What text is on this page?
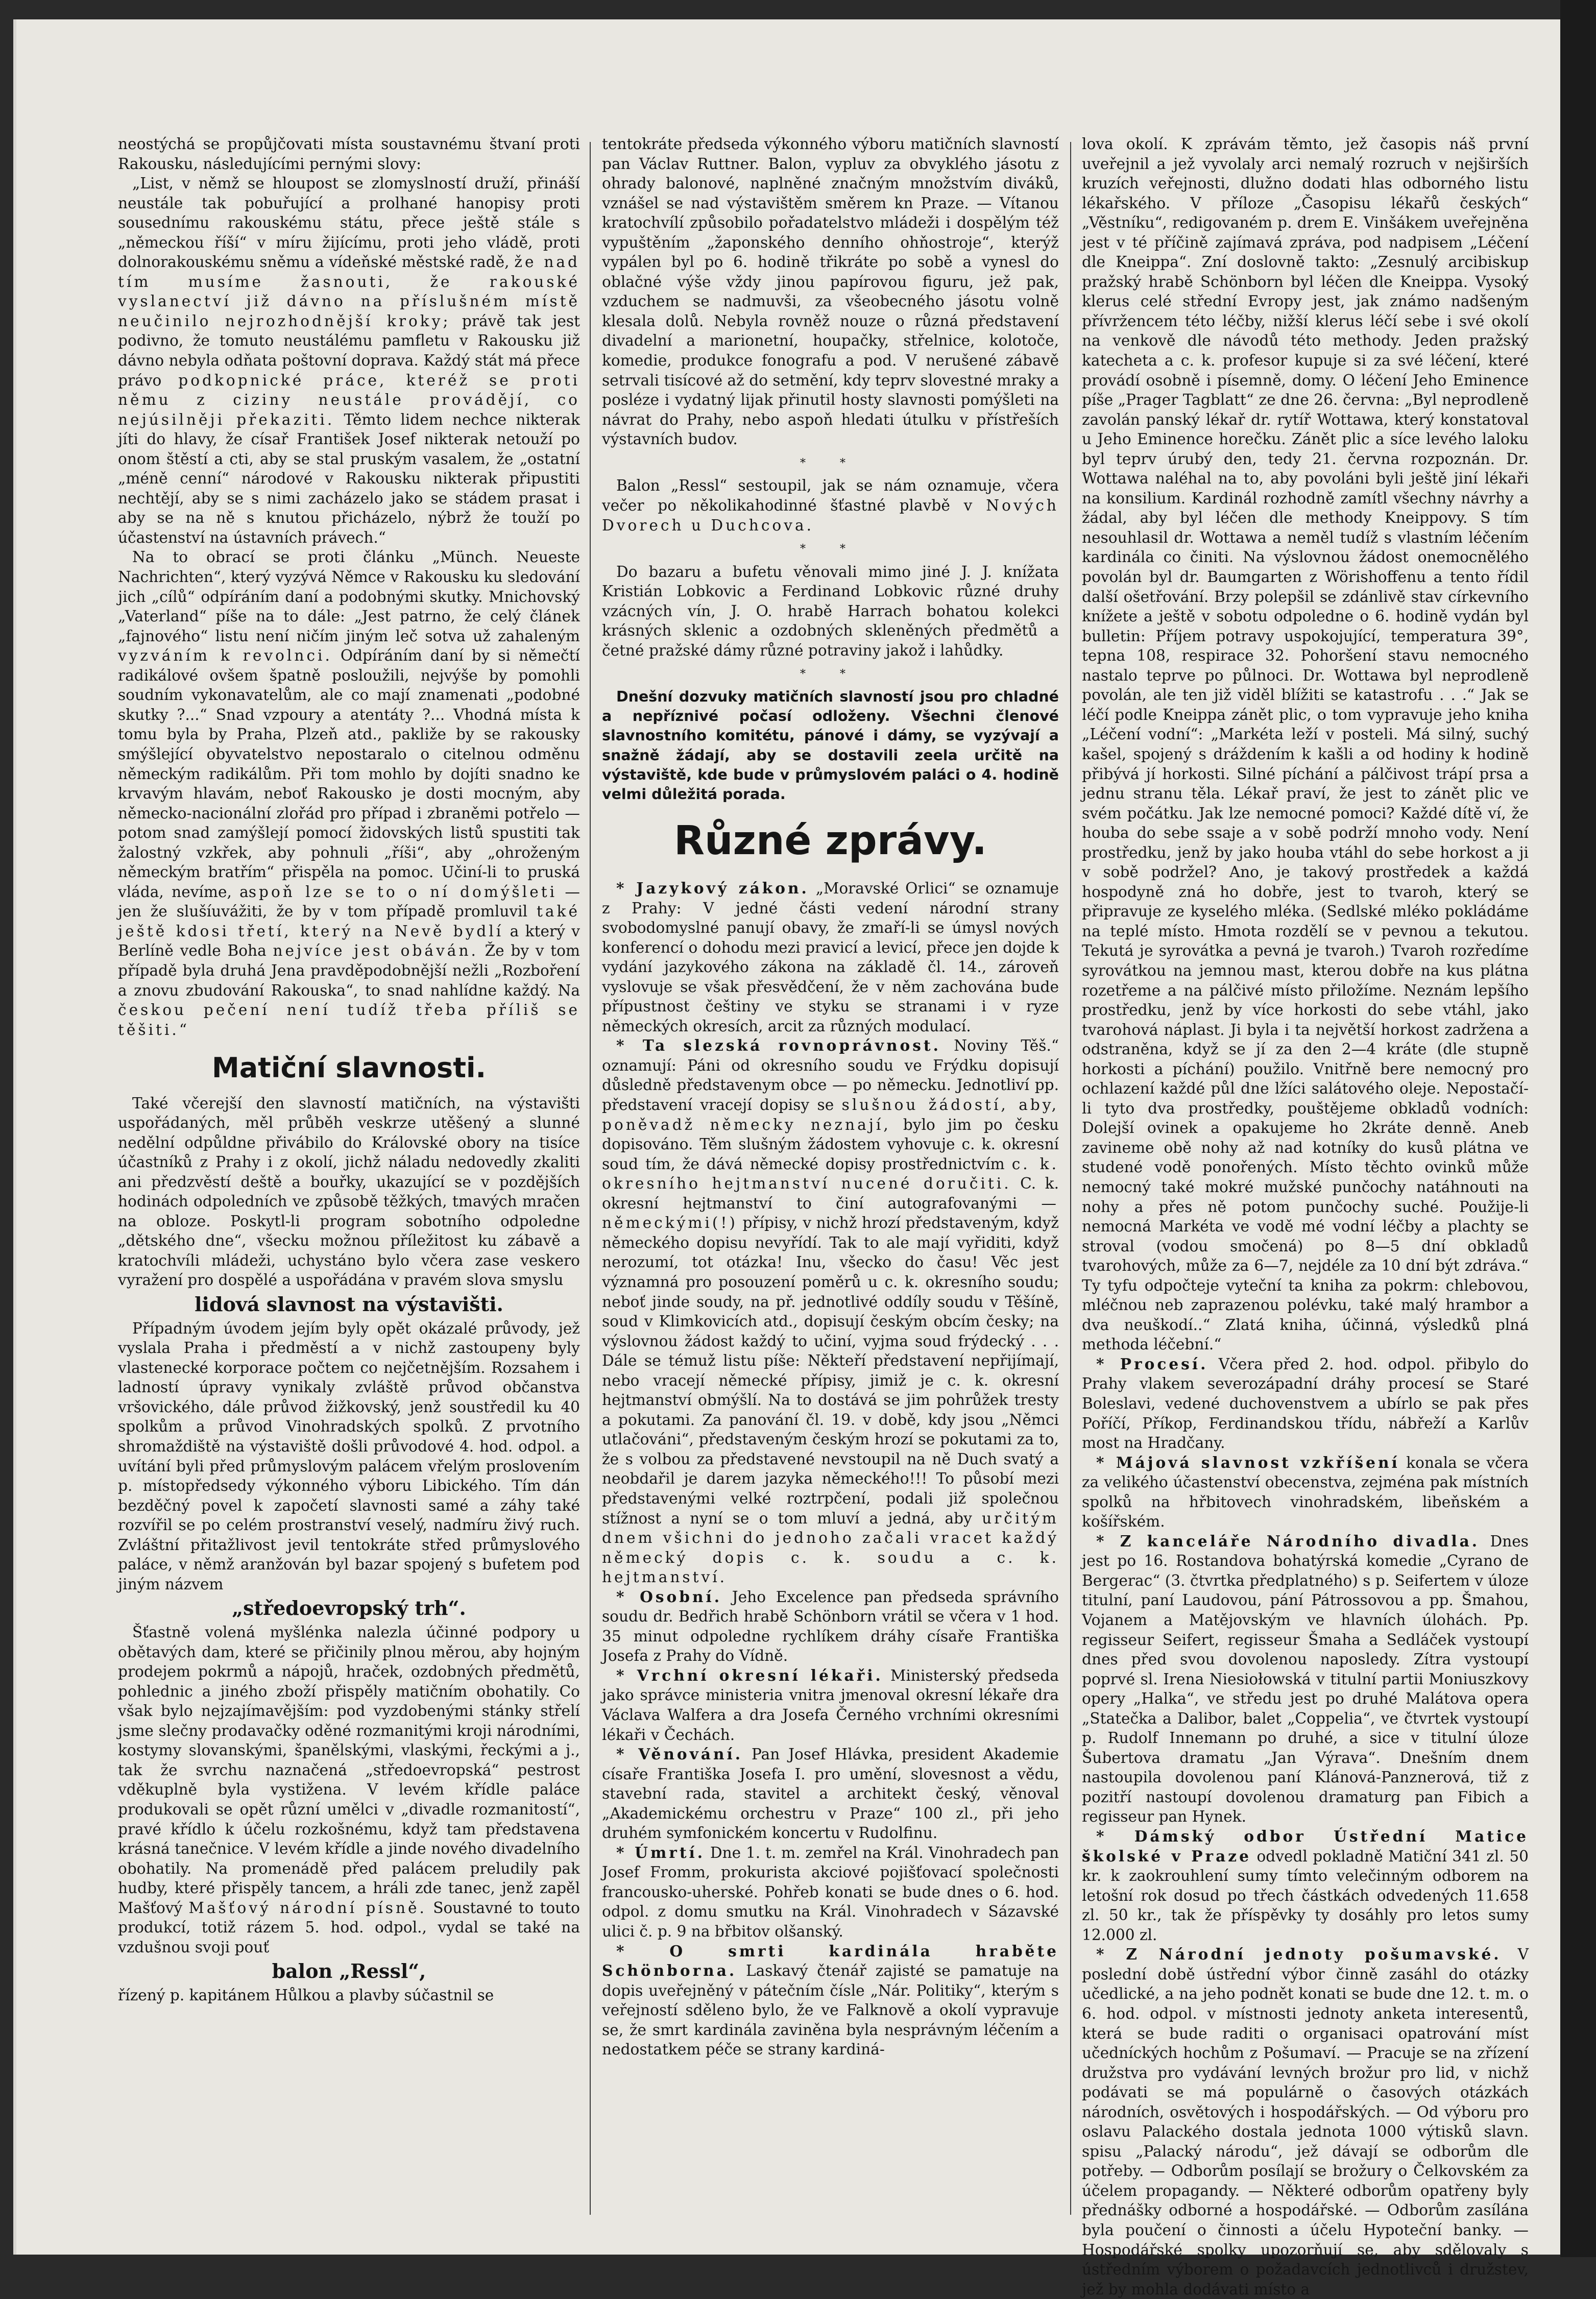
neostýchá se propůjčovati místa soustavnému štvaní proti Rakousku, následujícími pernými slovy:

„List, v němž se hloupost se zlomyslností druží, přináší neustále tak pobuřující a prolhané hanopisy proti sousednímu rakouskému státu, přece ještě stále s „německou říší“ v míru žijícímu, proti jeho vládě, proti dolnorakouskému sněmu a vídeňské městské radě, že nad tím musíme žasnouti, že rakouské vyslanectví již dávno na příslušném místě neučinilo nejrozhodnější kroky; právě tak jest podivno, že tomuto neustálému pamfletu v Rakousku již dávno nebyla odňata poštovní doprava. Každý stát má přece právo podkopnické práce, kteréž se proti němu z ciziny neustále provádějí, co nejúsilněji překaziti. Těmto lidem nechce nikterak jíti do hlavy, že císař František Josef nikterak netouží po onom štěstí a cti, aby se stal pruským vasalem, že „ostatní „méně cenní“ národové v Rakousku nikterak připustiti nechtějí, aby se s nimi zacházelo jako se stádem prasat i aby se na ně s knutou přicházelo, nýbrž že touží po účastenství na ústavních právech.“

Na to obrací se proti článku „Münch. Neueste Nachrichten“, který vyzývá Němce v Rakousku ku sledování jich „cílů“ odpíráním daní a podobnými skutky. Mnichovský „Vaterland“ píše na to dále: „Jest patrno, že celý článek „fajnového“ listu není ničím jiným leč sotva už zahaleným vyzváním k revolnci. Odpíráním daní by si němečtí radikálové ovšem špatně posloužili, nejvýše by pomohli soudním vykonavatelům, ale co mají znamenati „podobné skutky ?...“ Snad vzpoury a atentáty ?... Vhodná místa k tomu byla by Praha, Plzeň atd., pakliže by se rakousky smýšlející obyvatelstvo nepostaralo o citelnou odměnu německým radikálům. Při tom mohlo by dojíti snadno ke krvavým hlavám, neboť Rakousko je dosti mocným, aby německo-nacionální zlořád pro případ i zbraněmi potřelo — potom snad zamýšlejí pomocí židovských listů spustiti tak žalostný vzkřek, aby pohnuli „říši“, aby „ohroženým německým bratřím“ přispěla na pomoc. Učiní-li to pruská vláda, nevíme, aspoň lze se to o ní domýšleti — jen že slušíuvážiti, že by v tom případě promluvil také ještě kdosi třetí, který na Nevě bydlí a který v Berlíně vedle Boha nejvíce jest obáván. Že by v tom případě byla druhá Jena pravděpodobnější nežli „Rozboření a znovu zbudování Rakouska“, to snad nahlídne každý. Na českou pečení není tudíž třeba příliš se těšiti.“

Matiční slavnosti.

Také včerejší den slavností matičních, na výstavišti uspořádaných, měl průběh veskrze utěšený a slunné nedělní odpůldne přivábilo do Královské obory na tisíce účastníků z Prahy i z okolí, jichž náladu nedovedly zkaliti ani předzvěstí deště a bouřky, ukazující se v pozdějších hodinách odpoledních ve způsobě těžkých, tmavých mračen na obloze. Poskytl-li program sobotního odpoledne „dětského dne“, všecku možnou příležitost ku zábavě a kratochvíli mládeži, uchystáno bylo včera zase veskero vyražení pro dospělé a uspořádána v pravém slova smyslu

lidová slavnost na výstavišti.

Případným úvodem jejím byly opět okázalé průvody, jež vyslala Praha i předměstí a v nichž zastoupeny byly vlastenecké korporace počtem co nejčetnějším. Rozsahem i ladností úpravy vynikaly zvláště průvod občanstva vršovického, dále průvod žižkovský, jenž soustředil ku 40 spolkům a průvod Vinohradských spolků. Z prvotního shromaždiště na výstaviště došli průvodové 4. hod. odpol. a uvítání byli před průmyslovým palácem vřelým proslovením p. místopředsedy výkonného výboru Libického. Tím dán bezděčný povel k započetí slavnosti samé a záhy také rozvířil se po celém prostranství veselý, nadmíru živý ruch. Zvláštní přitažlivost jevil tentokráte střed průmyslového paláce, v němž aranžován byl bazar spojený s bufetem pod jiným názvem

„středoevropský trh“.

Šťastně volená myšlénka nalezla účinné podpory u obětavých dam, které se přičinily plnou měrou, aby hojným prodejem pokrmů a nápojů, hraček, ozdobných předmětů, pohlednic a jiného zboží přispěly matičním obohatily. Co však bylo nejzajímavějším: pod vyzdobenými stánky střelí jsme slečny prodavačky oděné rozmanitými kroji národními, kostymy slovanskými, španělskými, vlaskými, řeckými a j., tak že svrchu naznačená „středoevropská“ pestrost vděkuplně byla vystižena. V levém křídle paláce produkovali se opět různí umělci v „divadle rozmanitostí“, pravé křídlo k účelu rozkošnému, když tam představena krásná tanečnice. V levém křídle a jinde nového divadelního obohatily. Na promenádě před palácem preludily pak hudby, které přispěly tancem, a hráli zde tanec, jenž zapěl Mašťový Mašťový národní písně. Soustavné to touto produkcí, totiž rázem 5. hod. odpol., vydal se také na vzdušnou svoji pouť

balon „Ressl“,

řízený p. kapitánem Hůlkou a plavby súčastnil se

tentokráte předseda výkonného výboru matičních slavností pan Václav Ruttner. Balon, vypluv za obvyklého jásotu z ohrady balonové, naplněné značným množstvím diváků, vznášel se nad výstavištěm směrem kn Praze. — Vítanou kratochvílí způsobilo pořadatelstvo mládeži i dospělým též vypuštěním „žaponského denního ohňostroje“, kterýž vypálen byl po 6. hodině třikráte po sobě a vynesl do oblačné výše vždy jinou papírovou figuru, jež pak, vzduchem se nadmuvši, za všeobecného jásotu volně klesala dolů. Nebyla rovněž nouze o různá představení divadelní a marionetní, houpačky, střelnice, kolotoče, komedie, produkce fonografu a pod. V nerušené zábavě setrvali tisícové až do setmění, kdy teprv slovestné mraky a posléze i vydatný lijak přinutil hosty slavnosti pomýšleti na návrat do Prahy, nebo aspoň hledati útulku v přístřeších výstavních budov.

* *

Balon „Ressl“ sestoupil, jak se nám oznamuje, včera večer po několikahodinné šťastné plavbě v Nových Dvorech u Duchcova.

* *

Do bazaru a bufetu věnovali mimo jiné J. J. knížata Kristián Lobkovic a Ferdinand Lobkovic různé druhy vzácných vín, J. O. hrabě Harrach bohatou kolekci krásných sklenic a ozdobných skleněných předmětů a četné pražské dámy různé potraviny jakož i lahůdky.

* *

Dnešní dozvuky matičních slavností jsou pro chladné a nepříznivé počasí odloženy. Všechni členové slavnostního komitétu, pánové i dámy, se vyzývají a snažně žádají, aby se dostavili zeela určitě na výstaviště, kde bude v průmyslovém paláci o 4. hodině velmi důležitá porada.

Různé zprávy.

* Jazykový zákon. „Moravské Orlici“ se oznamuje z Prahy: V jedné části vedení národní strany svobodomyslné panují obavy, že zmaří-li se úmysl nových konferencí o dohodu mezi pravicí a levicí, přece jen dojde k vydání jazykového zákona na základě čl. 14., zároveň vyslovuje se však přesvědčení, že v něm zachována bude přípustnost češtiny ve styku se stranami i v ryze německých okresích, arcit za různých modulací.

* Ta slezská rovnoprávnost. Noviny Těš.“ oznamují: Páni od okresního soudu ve Frýdku dopisují důsledně představenym obce — po německu. Jednotliví pp. představení vracejí dopisy se slušnou žádostí, aby, poněvadž německy neznají, bylo jim po česku dopisováno. Těm slušným žádostem vyhovuje c. k. okresní soud tím, že dává německé dopisy prostřednictvím c. k. okresního hejtmanství nucené doručiti. C. k. okresní hejtmanství to činí autografovanými — německými(!) přípisy, v nichž hrozí představeným, když německého dopisu nevyřídí. Tak to ale mají vyřiditi, když nerozumí, tot otázka! Inu, všecko do času! Věc jest významná pro posouzení poměrů u c. k. okresního soudu; neboť jinde soudy, na př. jednotlivé oddíly soudu v Těšíně, soud v Klimkovicích atd., dopisují českým obcím česky; na výslovnou žádost každý to učiní, vyjma soud frýdecký . . . Dále se témuž listu píše: Někteří představení nepřijímají, nebo vracejí německé přípisy, jimiž je c. k. okresní hejtmanství obmýšlí. Na to dostává se jim pohrůžek tresty a pokutami. Za panování čl. 19. v době, kdy jsou „Němci utlačováni“, představeným českým hrozí se pokutami za to, že s volbou za představené nevstoupil na ně Duch svatý a neobdařil je darem jazyka německého!!! To působí mezi představenými velké roztrpčení, podali již společnou stížnost a nyní se o tom mluví a jedná, aby určitým dnem všichni do jednoho začali vracet každý německý dopis c. k. soudu a c. k. hejtmanství.

* Osobní. Jeho Excelence pan předseda správního soudu dr. Bedřich hrabě Schönborn vrátil se včera v 1 hod. 35 minut odpoledne rychlíkem dráhy císaře Františka Josefa z Prahy do Vídně.

* Vrchní okresní lékaři. Ministerský předseda jako správce ministeria vnitra jmenoval okresní lékaře dra Václava Walfera a dra Josefa Černého vrchními okresními lékaři v Čechách.

* Věnování. Pan Josef Hlávka, president Akademie císaře Františka Josefa I. pro umění, slovesnost a vědu, stavební rada, stavitel a architekt český, věnoval „Akademickému orchestru v Praze“ 100 zl., při jeho druhém symfonickém koncertu v Rudolfinu.

* Úmrtí. Dne 1. t. m. zemřel na Král. Vinohradech pan Josef Fromm, prokurista akciové pojišťovací společnosti francousko-uherské. Pohřeb konati se bude dnes o 6. hod. odpol. z domu smutku na Král. Vinohradech v Sázavské ulici č. p. 9 na břbitov olšanský.

* O smrti kardinála hraběte Schönborna. Laskavý čtenář zajisté se pamatuje na dopis uveřejněný v pátečním čísle „Nár. Politiky“, kterým s veřejností sděleno bylo, že ve Falknově a okolí vypravuje se, že smrt kardinála zaviněna byla nesprávným léčením a nedostatkem péče se strany kardiná-

lova okolí. K zprávám těmto, jež časopis náš první uveřejnil a jež vyvolaly arci nemalý rozruch v nejširších kruzích veřejnosti, dlužno dodati hlas odborného listu lékařského. V příloze „Časopisu lékařů českých“ „Věstníku“, redigovaném p. drem E. Vinšákem uveřejněna jest v té příčině zajímavá zpráva, pod nadpisem „Léčení dle Kneippa“. Zní doslovně takto: „Zesnulý arcibiskup pražský hrabě Schönborn byl léčen dle Kneippa. Vysoký klerus celé střední Evropy jest, jak známo nadšeným přívržencem této léčby, nižší klerus léčí sebe i své okolí na venkově dle návodů této methody. Jeden pražský katecheta a c. k. profesor kupuje si za své léčení, které provádí osobně i písemně, domy. O léčení Jeho Eminence píše „Prager Tagblatt“ ze dne 26. června: „Byl neprodleně zavolán panský lékař dr. rytíř Wottawa, který konstatoval u Jeho Eminence horečku. Zánět plic a síce levého laloku byl teprv úrubý den, tedy 21. června rozpoznán. Dr. Wottawa naléhal na to, aby povoláni byli ještě jiní lékaři na konsilium. Kardinál rozhodně zamítl všechny návrhy a žádal, aby byl léčen dle methody Kneippovy. S tím nesouhlasil dr. Wottawa a neměl tudíž s vlastním léčením kardinála co činiti. Na výslovnou žádost onemocnělého povolán byl dr. Baumgarten z Wörishoffenu a tento řídil další ošetřování. Brzy polepšil se zdánlivě stav církevního knížete a ještě v sobotu odpoledne o 6. hodině vydán byl bulletin: Příjem potravy uspokojující, temperatura 39°, tepna 108, respirace 32. Pohoršení stavu nemocného nastalo teprve po půlnoci. Dr. Wottawa byl neprodleně povolán, ale ten již viděl blížiti se katastrofu . . .“ Jak se léčí podle Kneippa zánět plic, o tom vypravuje jeho kniha „Léčení vodní“: „Markéta leží v posteli. Má silný, suchý kašel, spojený s dráždením k kašli a od hodiny k hodině přibývá jí horkosti. Silné píchání a pálčivost trápí prsa a jednu stranu těla. Lékař praví, že jest to zánět plic ve svém počátku. Jak lze nemocné pomoci? Každé dítě ví, že houba do sebe ssaje a v sobě podrží mnoho vody. Není prostředku, jenž by jako houba vtáhl do sebe horkost a ji v sobě podržel? Ano, je takový prostředek a každá hospodyně zná ho dobře, jest to tvaroh, který se připravuje ze kyselého mléka. (Sedlské mléko pokládáme na teplé místo. Hmota rozdělí se v pevnou a tekutou. Tekutá je syrovátka a pevná je tvaroh.) Tvaroh rozředíme syrovátkou na jemnou mast, kterou dobře na kus plátna rozetřeme a na pálčivé místo přiložíme. Neznám lepšího prostředku, jenž by více horkosti do sebe vtáhl, jako tvarohová náplast. Ji byla i ta největší horkost zadržena a odstraněna, když se jí za den 2—4 kráte (dle stupně horkosti a píchání) použilo. Vnitřně bere nemocný pro ochlazení každé půl dne lžíci salátového oleje. Nepostačí-li tyto dva prostředky, pouštějeme obkladů vodních: Dolejší ovinek a opakujeme ho 2kráte denně. Aneb zavineme obě nohy až nad kotníky do kusů plátna ve studené vodě ponořených. Místo těchto ovinků může nemocný také mokré mužské punčochy natáhnouti na nohy a přes ně potom punčochy suché. Použije-li nemocná Markéta ve vodě mé vodní léčby a plachty se stroval (vodou smočená) po 8—5 dní obkladů tvarohových, může za 6—7, nejdéle za 10 dní být zdráva.“ Ty tyfu odpočteje vyteční ta kniha za pokrm: chlebovou, mléčnou neb zaprazenou polévku, také malý hrambor a dva neuškodí..“ Zlatá kniha, účinná, výsledků plná methoda léčební.“

* Procesí. Včera před 2. hod. odpol. přibylo do Prahy vlakem severozápadní dráhy procesí se Staré Boleslavi, vedené duchovenstvem a ubírlo se pak přes Poříčí, Příkop, Ferdinandskou třídu, nábřeží a Karlův most na Hradčany.

* Májová slavnost vzkříšení konala se včera za velikého účastenství obecenstva, zejména pak místních spolků na hřbitovech vinohradském, libeňském a košířském.

* Z kanceláře Národního divadla. Dnes jest po 16. Rostandova bohatýrská komedie „Cyrano de Bergerac“ (3. čtvrtka předplatného) s p. Seifertem v úloze titulní, paní Laudovou, pání Pátrossovou a pp. Šmahou, Vojanem a Matějovským ve hlavních úlohách. Pp. regisseur Seifert, regisseur Šmaha a Sedláček vystoupí dnes před svou dovolenou naposledy. Zítra vystoupí poprvé sl. Irena Niesiołowská v titulní partii Moniuszkovy opery „Halka“, ve středu jest po druhé Malátova opera „Statečka a Dalibor, balet „Coppelia“, ve čtvrtek vystoupí p. Rudolf Innemann po druhé, a sice v titulní úloze Šubertova dramatu „Jan Výrava“. Dnešním dnem nastoupila dovolenou paní Klánová-Panznerová, tiž z pozitří nastoupí dovolenou dramaturg pan Fibich a regisseur pan Hynek.

* Dámský odbor Ústřední Matice školské v Praze odvedl pokladně Matiční 341 zl. 50 kr. k zaokrouhlení sumy tímto velečinným odborem na letošní rok dosud po třech částkách odvedených 11.658 zl. 50 kr., tak že příspěvky ty dosáhly pro letos sumy 12.000 zl.

* Z Národní jednoty pošumavské. V poslední době ústřední výbor činně zasáhl do otázky učedlické, a na jeho podnět konati se bude dne 12. t. m. o 6. hod. odpol. v místnosti jednoty anketa interesentů, která se bude raditi o organisaci opatrování míst učedníckých hochům z Pošumaví. — Pracuje se na zřízení družstva pro vydávání levných brožur pro lid, v nichž podávati se má populárně o časových otázkách národních, osvětových i hospodářských. — Od výboru pro oslavu Palackého dostala jednota 1000 výtisků slavn. spisu „Palacký národu“, jež dávají se odborům dle potřeby. — Odborům posílají se brožury o Čelkovském za účelem propagandy. — Některé odborům opatřeny byly přednášky odborné a hospodářské. — Odborům zasílána byla poučení o činnosti a účelu Hypoteční banky. — Hospodářské spolky upozorňují se, aby sdělovaly s ústředním výborem o požadavcích jednotlivců i družstev, jež by mohla dodávati místo a
